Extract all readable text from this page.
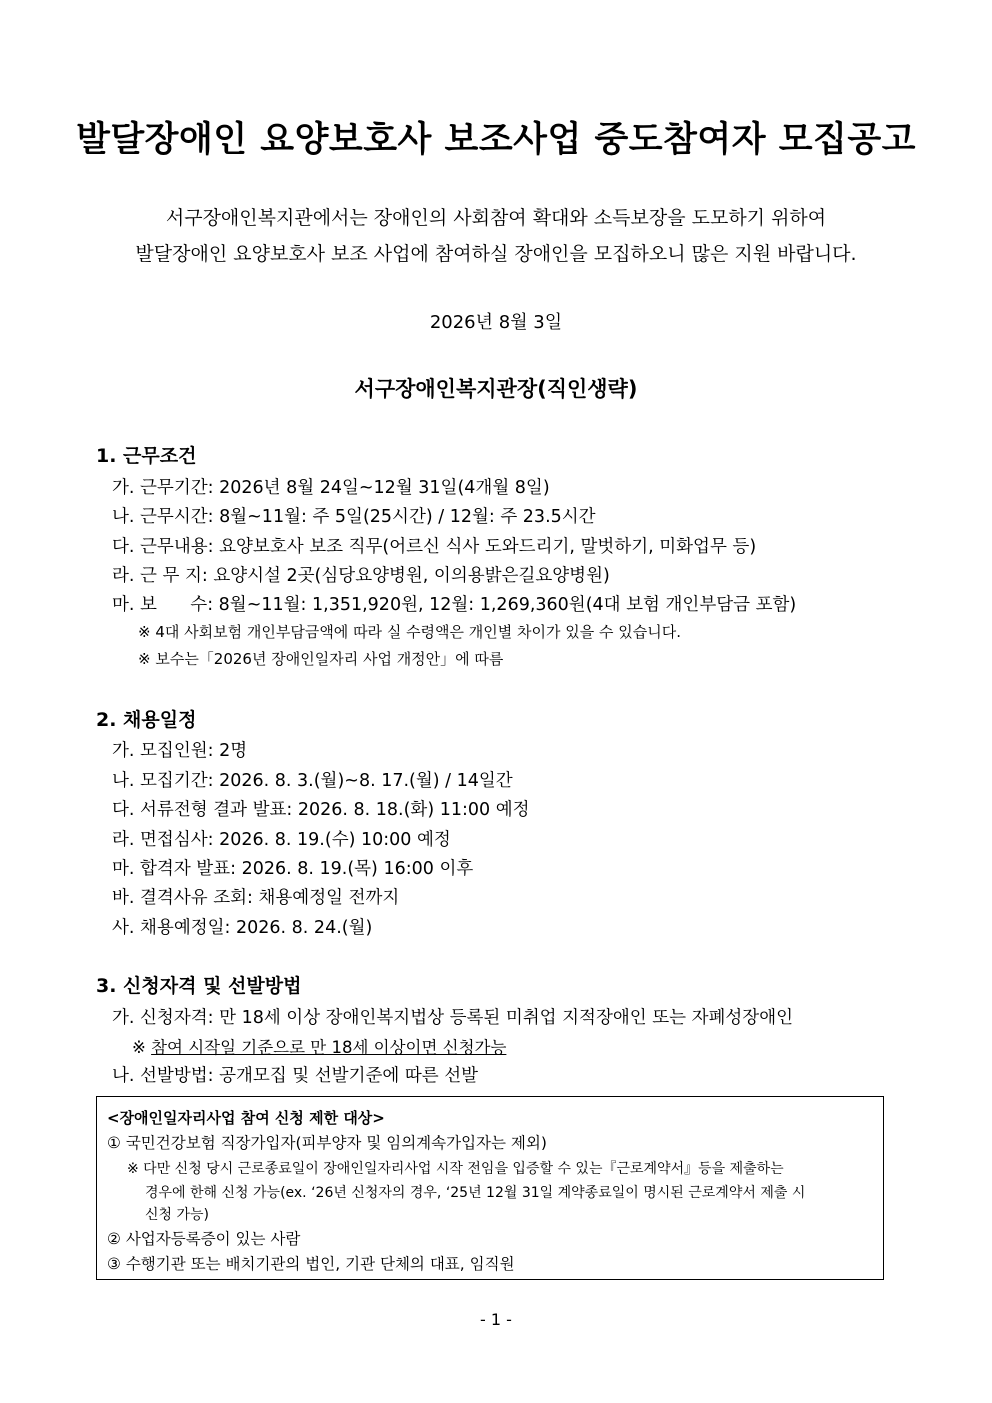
발달장애인 요양보호사 보조사업 중도참여자 모집공고
서구장애인복지관에서는 장애인의 사회참여 확대와 소득보장을 도모하기 위하여
발달장애인 요양보호사 보조 사업에 참여하실 장애인을 모집하오니 많은 지원 바랍니다.
2026년 8월 3일
서구장애인복지관장(직인생략)
1. 근무조건
가. 근무기간: 2026년 8월 24일~12월 31일(4개월 8일)
나. 근무시간: 8월~11월: 주 5일(25시간) / 12월: 주 23.5시간
다. 근무내용: 요양보호사 보조 직무(어르신 식사 도와드리기, 말벗하기, 미화업무 등)
라. 근 무 지: 요양시설 2곳(심당요양병원, 이의용밝은길요양병원)
마. 보      수: 8월~11월: 1,351,920원, 12월: 1,269,360원(4대 보험 개인부담금 포함)
※ 4대 사회보험 개인부담금액에 따라 실 수령액은 개인별 차이가 있을 수 있습니다.
※ 보수는「2026년 장애인일자리 사업 개정안」에 따름
2. 채용일정
가. 모집인원: 2명
나. 모집기간: 2026. 8. 3.(월)~8. 17.(월) / 14일간
다. 서류전형 결과 발표: 2026. 8. 18.(화) 11:00 예정
라. 면접심사: 2026. 8. 19.(수) 10:00 예정
마. 합격자 발표: 2026. 8. 19.(목) 16:00 이후
바. 결격사유 조회: 채용예정일 전까지
사. 채용예정일: 2026. 8. 24.(월)
3. 신청자격 및 선발방법
가. 신청자격: 만 18세 이상 장애인복지법상 등록된 미취업 지적장애인 또는 자폐성장애인
※ 참여 시작일 기준으로 만 18세 이상이면 신청가능
나. 선발방법: 공개모집 및 선발기준에 따른 선발
<장애인일자리사업 참여 신청 제한 대상>
① 국민건강보험 직장가입자(피부양자 및 임의계속가입자는 제외)
※ 다만 신청 당시 근로종료일이 장애인일자리사업 시작 전임을 입증할 수 있는『근로계약서』등을 제출하는
경우에 한해 신청 가능(ex. ‘26년 신청자의 경우, ‘25년 12월 31일 계약종료일이 명시된 근로계약서 제출 시
신청 가능)
② 사업자등록증이 있는 사람
③ 수행기관 또는 배치기관의 법인, 기관 단체의 대표, 임직원
- 1 -
